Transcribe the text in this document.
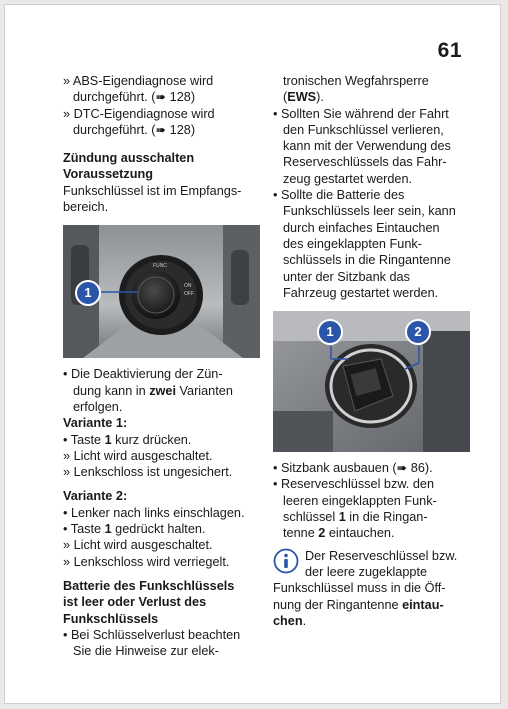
61
» ABS-Eigendiagnose wird
durchgeführt. (➠ 128)
» DTC-Eigendiagnose wird
durchgeführt. (➠ 128)
Zündung ausschalten
Voraussetzung
Funkschlüssel ist im Empfangs-
bereich.
FUNC
ON
OFF
1
• Die Deaktivierung der Zün-
dung kann in zwei Varianten
erfolgen.
Variante 1:
• Taste 1 kurz drücken.
» Licht wird ausgeschaltet.
» Lenkschloss ist ungesichert.
Variante 2:
• Lenker nach links einschlagen.
• Taste 1 gedrückt halten.
» Licht wird ausgeschaltet.
» Lenkschloss wird verriegelt.
Batterie des Funkschlüssels
ist leer oder Verlust des
Funkschlüssels
• Bei Schlüsselverlust beachten
Sie die Hinweise zur elek-
tronischen Wegfahrsperre
(EWS).
• Sollten Sie während der Fahrt
den Funkschlüssel verlieren,
kann mit der Verwendung des
Reserveschlüssels das Fahr-
zeug gestartet werden.
• Sollte die Batterie des
Funkschlüssels leer sein, kann
durch einfaches Eintauchen
des eingeklappten Funk-
schlüssels in die Ringantenne
unter der Sitzbank das
Fahrzeug gestartet werden.
1	2
• Sitzbank ausbauen (➠ 86).
• Reserveschlüssel bzw. den
leeren eingeklappten Funk-
schlüssel 1 in die Ringan-
tenne 2 eintauchen.
Der Reserveschlüssel bzw.
der leere zugeklappte
Funkschlüssel muss in die Öff-
nung der Ringantenne eintau-
chen.
